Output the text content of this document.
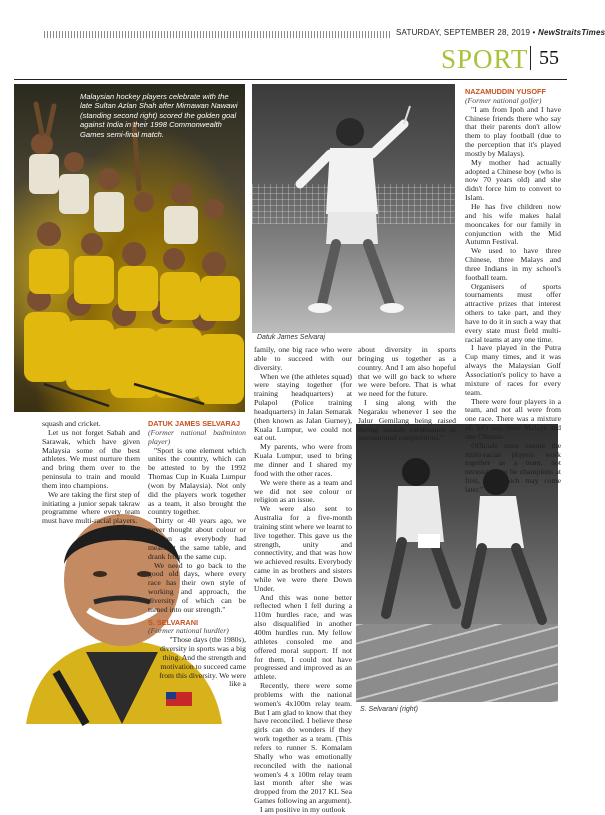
SATURDAY, SEPTEMBER 28, 2019 • NewStraitsTimes
SPORT 55
Malaysian hockey players celebrate with the late Sultan Azlan Shah after Mirnawan Nawawi (standing second right) scored the golden goal against India in their 1998 Commonwealth Games semi-final match.
Datuk James Selvaraj
S. Selvarani (right)

squash and cricket.

Let us not forget Sabah and Sarawak, which have given Malaysia some of the best athletes. We must nurture them and bring them over to the peninsula to train and mould them into champions.

We are taking the first step of initiating a junior sepak takraw programme where every team must have multi-racial players.

DATUK JAMES SELVARAJ

(Former national badminton player)

"Sport is one element which unites the country, which can be attested to by the 1992 Thomas Cup in Kuala Lumpur (won by Malaysia). Not only did the players work together as a team, it also brought the country together.

Thirty or 40 years ago, we never thought about colour or religion as everybody had meals at the same table, and drank from the same cup.

We need to go back to the good old days, where every race has their own style of working and approach, the diversity of which can be turned into our strength."

S. SELVARANI

(Former national hurdler)

"Those days (the 1980s), diversity in sports was a big thing. And the strength and motivation to succeed came from this diversity. We were like a

family, one big race who were able to succeed with our diversity.

When we (the athletes squad) were staying together (for training headquarters) at Pulapol (Police training headquarters) in Jalan Semarak (then known as Jalan Gurney), Kuala Lumpur, we could not eat out.

My parents, who were from Kuala Lumpur, used to bring me dinner and I shared my food with the other races.

We were there as a team and we did not see colour or religion as an issue.

We were also sent to Australia for a five-month training stint where we learnt to live together. This gave us the strength, unity and connectivity, and that was how we achieved results. Everybody came in as brothers and sisters while we were there Down Under.

And this was none better reflected when I fell during a 110m hurdles race, and was also disqualified in another 400m hurdles run. My fellow athletes consoled me and offered moral support. If not for them, I could not have progressed and improved as an athlete.

Recently, there were some problems with the national women's 4x100m relay team. But I am glad to know that they have reconciled. I believe these girls can do wonders if they work together as a team. (This refers to runner S. Komalam Shally who was emotionally reconciled with the national women's 4 x 100m relay team last month after she was dropped from the 2017 KL Sea Games following an argument).

I am positive in my outlook

about diversity in sports bringing us together as a country. And I am also hopeful that we will go back to where we were before. That is what we need for the future.

I sing along with the Negaraku whenever I see the Jalur Gemilang being raised during medals ceremonies in international competitions."

NAZAMUDDIN YUSOFF

(Former national golfer)

"I am from Ipoh and I have Chinese friends there who say that their parents don't allow them to play football (due to the perception that it's played mostly by Malays).

My mother had actually adopted a Chinese boy (who is now 70 years old) and she didn't force him to convert to Islam.

He has five children now and his wife makes halal mooncakes for our family in conjunction with the Mid Autumn Festival.

We used to have three Chinese, three Malays and three Indians in my school's football team.

Organisers of sports tournaments must offer attractive prizes that interest others to take part, and they have to do it in such a way that every state must field multi-racial teams at any one time.

I have played in the Putra Cup many times, and it was always the Malaysian Golf Association's policy to have a mixture of races for every team.

There were four players in a team, and not all were from one race. There was a mixture of, let's say, three Malays and one Chinese.

Officials must ensure the multi-racial players work together as a team, not necessarily to be champions at first, but which may come later."
